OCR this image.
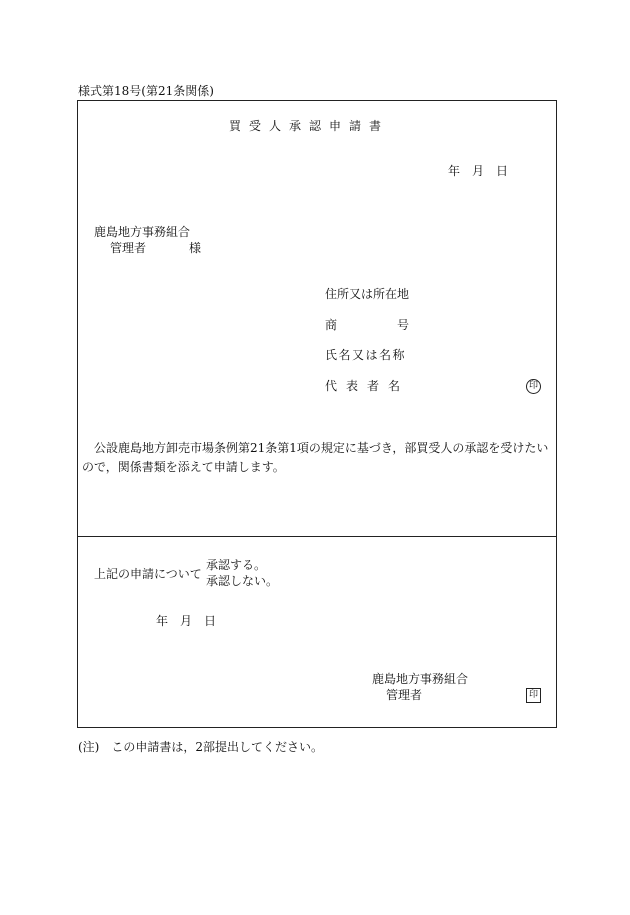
様式第18号(第21条関係)
買受人承認申請書
年　月　日
鹿島地方事務組合
管理者	様
住所又は所在地
商	号
氏名又は名称
代表者名	印
公設鹿島地方卸売市場条例第21条第1項の規定に基づき，部買受人の承認を受けたいので，関係書類を添えて申請します。
上記の申請について
承認する。
承認しない。
年　月　日
鹿島地方事務組合
管理者	印
(注)　この申請書は，2部提出してください。
